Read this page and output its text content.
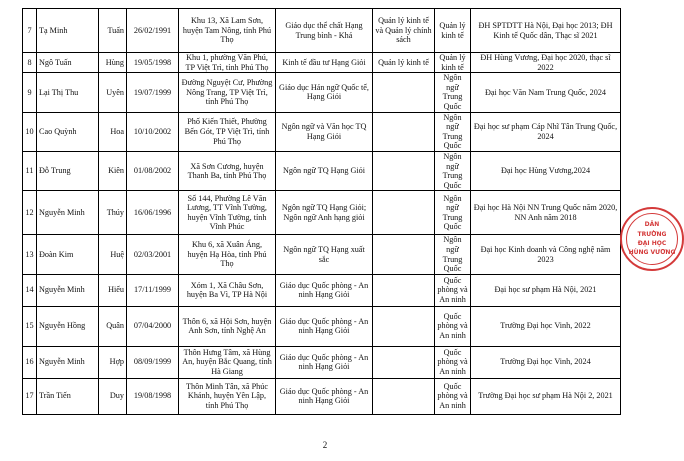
7	Tạ Minh	Tuấn	26/02/1991	Khu 13, Xã Lam Sơn, huyện Tam Nông, tỉnh Phú Thọ	Giáo dục thể chất Hạng Trung bình - Khá	Quản lý kinh tế và Quản lý chính sách	Quản lý kinh tế	ĐH SPTDTT Hà Nội, Đại học 2013; ĐH Kinh tế Quốc dân, Thạc sĩ 2021
8	Ngô Tuấn	Hùng	19/05/1998	Khu 1, phường Văn Phú, TP Việt Trì, tỉnh Phú Thọ	Kinh tế đầu tư Hạng Giỏi	Quản lý kinh tế	Quản lý kinh tế	ĐH Hùng Vương, Đại học 2020, thạc sĩ 2022
9	Lại Thị Thu	Uyên	19/07/1999	Đường Nguyệt Cư, Phường Nông Trang, TP Việt Trì, tỉnh Phú Thọ	Giáo dục Hán ngữ Quốc tế, Hạng Giỏi		Ngôn ngữ Trung Quốc	Đại học Văn Nam Trung Quốc, 2024
10	Cao Quỳnh	Hoa	10/10/2002	Phố Kiến Thiết, Phường Bến Gót, TP Việt Trì, tỉnh Phú Thọ	Ngôn ngữ và Văn học TQ Hạng Giỏi		Ngôn ngữ Trung Quốc	Đại học sư phạm Cáp Nhĩ Tân Trung Quốc, 2024
11	Đỗ Trung	Kiên	01/08/2002	Xã Sơn Cương, huyện Thanh Ba, tỉnh Phú Thọ	Ngôn ngữ TQ Hạng Giỏi		Ngôn ngữ Trung Quốc	Đại học Hùng Vương,2024
12	Nguyễn Minh	Thúy	16/06/1996	Số 144, Phường Lê Văn Lương, TT Vĩnh Tường, huyện Vĩnh Tường, tỉnh Vĩnh Phúc	Ngôn ngữ TQ Hạng Giỏi; Ngôn ngữ Anh hạng giỏi		Ngôn ngữ Trung Quốc	Đại học Hà Nội NN Trung Quốc năm 2020, NN Anh năm 2018
13	Đoàn Kim	Huệ	02/03/2001	Khu 6, xã Xuân Áng, huyện Hạ Hòa, tỉnh Phú Thọ	Ngôn ngữ TQ Hạng xuất sắc		Ngôn ngữ Trung Quốc	Đại học Kinh doanh và Công nghệ năm 2023
14	Nguyễn Minh	Hiếu	17/11/1999	Xóm 1, Xã Châu Sơn, huyện Ba Vì, TP Hà Nội	Giáo dục Quốc phòng - An ninh Hạng Giỏi		Quốc phòng và An ninh	Đại học sư phạm Hà Nội, 2021
15	Nguyễn Hồng	Quân	07/04/2000	Thôn 6, xã Hội Sơn, huyện Anh Sơn, tỉnh Nghệ An	Giáo dục Quốc phòng - An ninh Hạng Giỏi		Quốc phòng và An ninh	Trường Đại học Vinh, 2022
16	Nguyễn Minh	Hợp	08/09/1999	Thôn Hưng Tâm, xã Hùng An, huyện Bắc Quang, tỉnh Hà Giang	Giáo dục Quốc phòng - An ninh Hạng Giỏi		Quốc phòng và An ninh	Trường Đại học Vinh, 2024
17	Trần Tiến	Duy	19/08/1998	Thôn Minh Tân, xã Phúc Khánh, huyện Yên Lập, tỉnh Phú Thọ	Giáo dục Quốc phòng - An ninh Hạng Giỏi		Quốc phòng và An ninh	Trường Đại học sư phạm Hà Nội 2, 2021
2
DÂN
TRƯỜNG
ĐẠI HỌC
HÙNG VƯƠNG
